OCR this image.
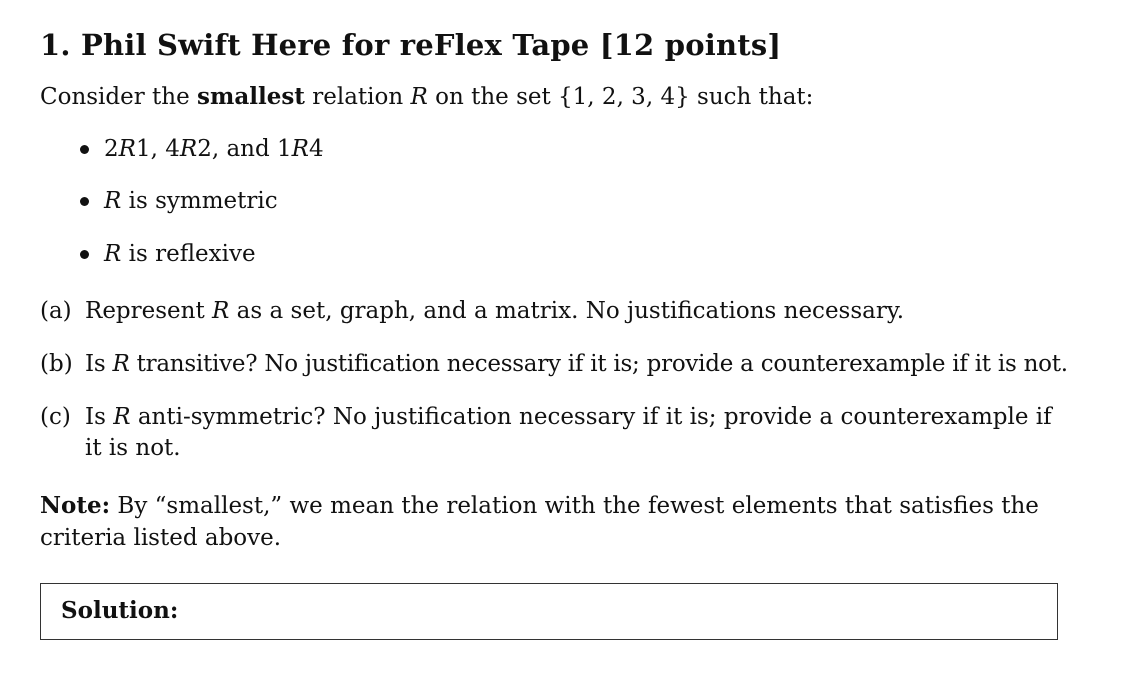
1. Phil Swift Here for reFlex Tape [12 points]
Consider the smallest relation R on the set {1, 2, 3, 4} such that:
2R1, 4R2, and 1R4
R is symmetric
R is reflexive
(a) Represent R as a set, graph, and a matrix. No justifications necessary.
(b) Is R transitive? No justification necessary if it is; provide a counterexample if it is not.
(c) Is R anti-symmetric? No justification necessary if it is; provide a counterexample if it is not.
Note: By “smallest,” we mean the relation with the fewest elements that satisfies the criteria listed above.
Solution:
